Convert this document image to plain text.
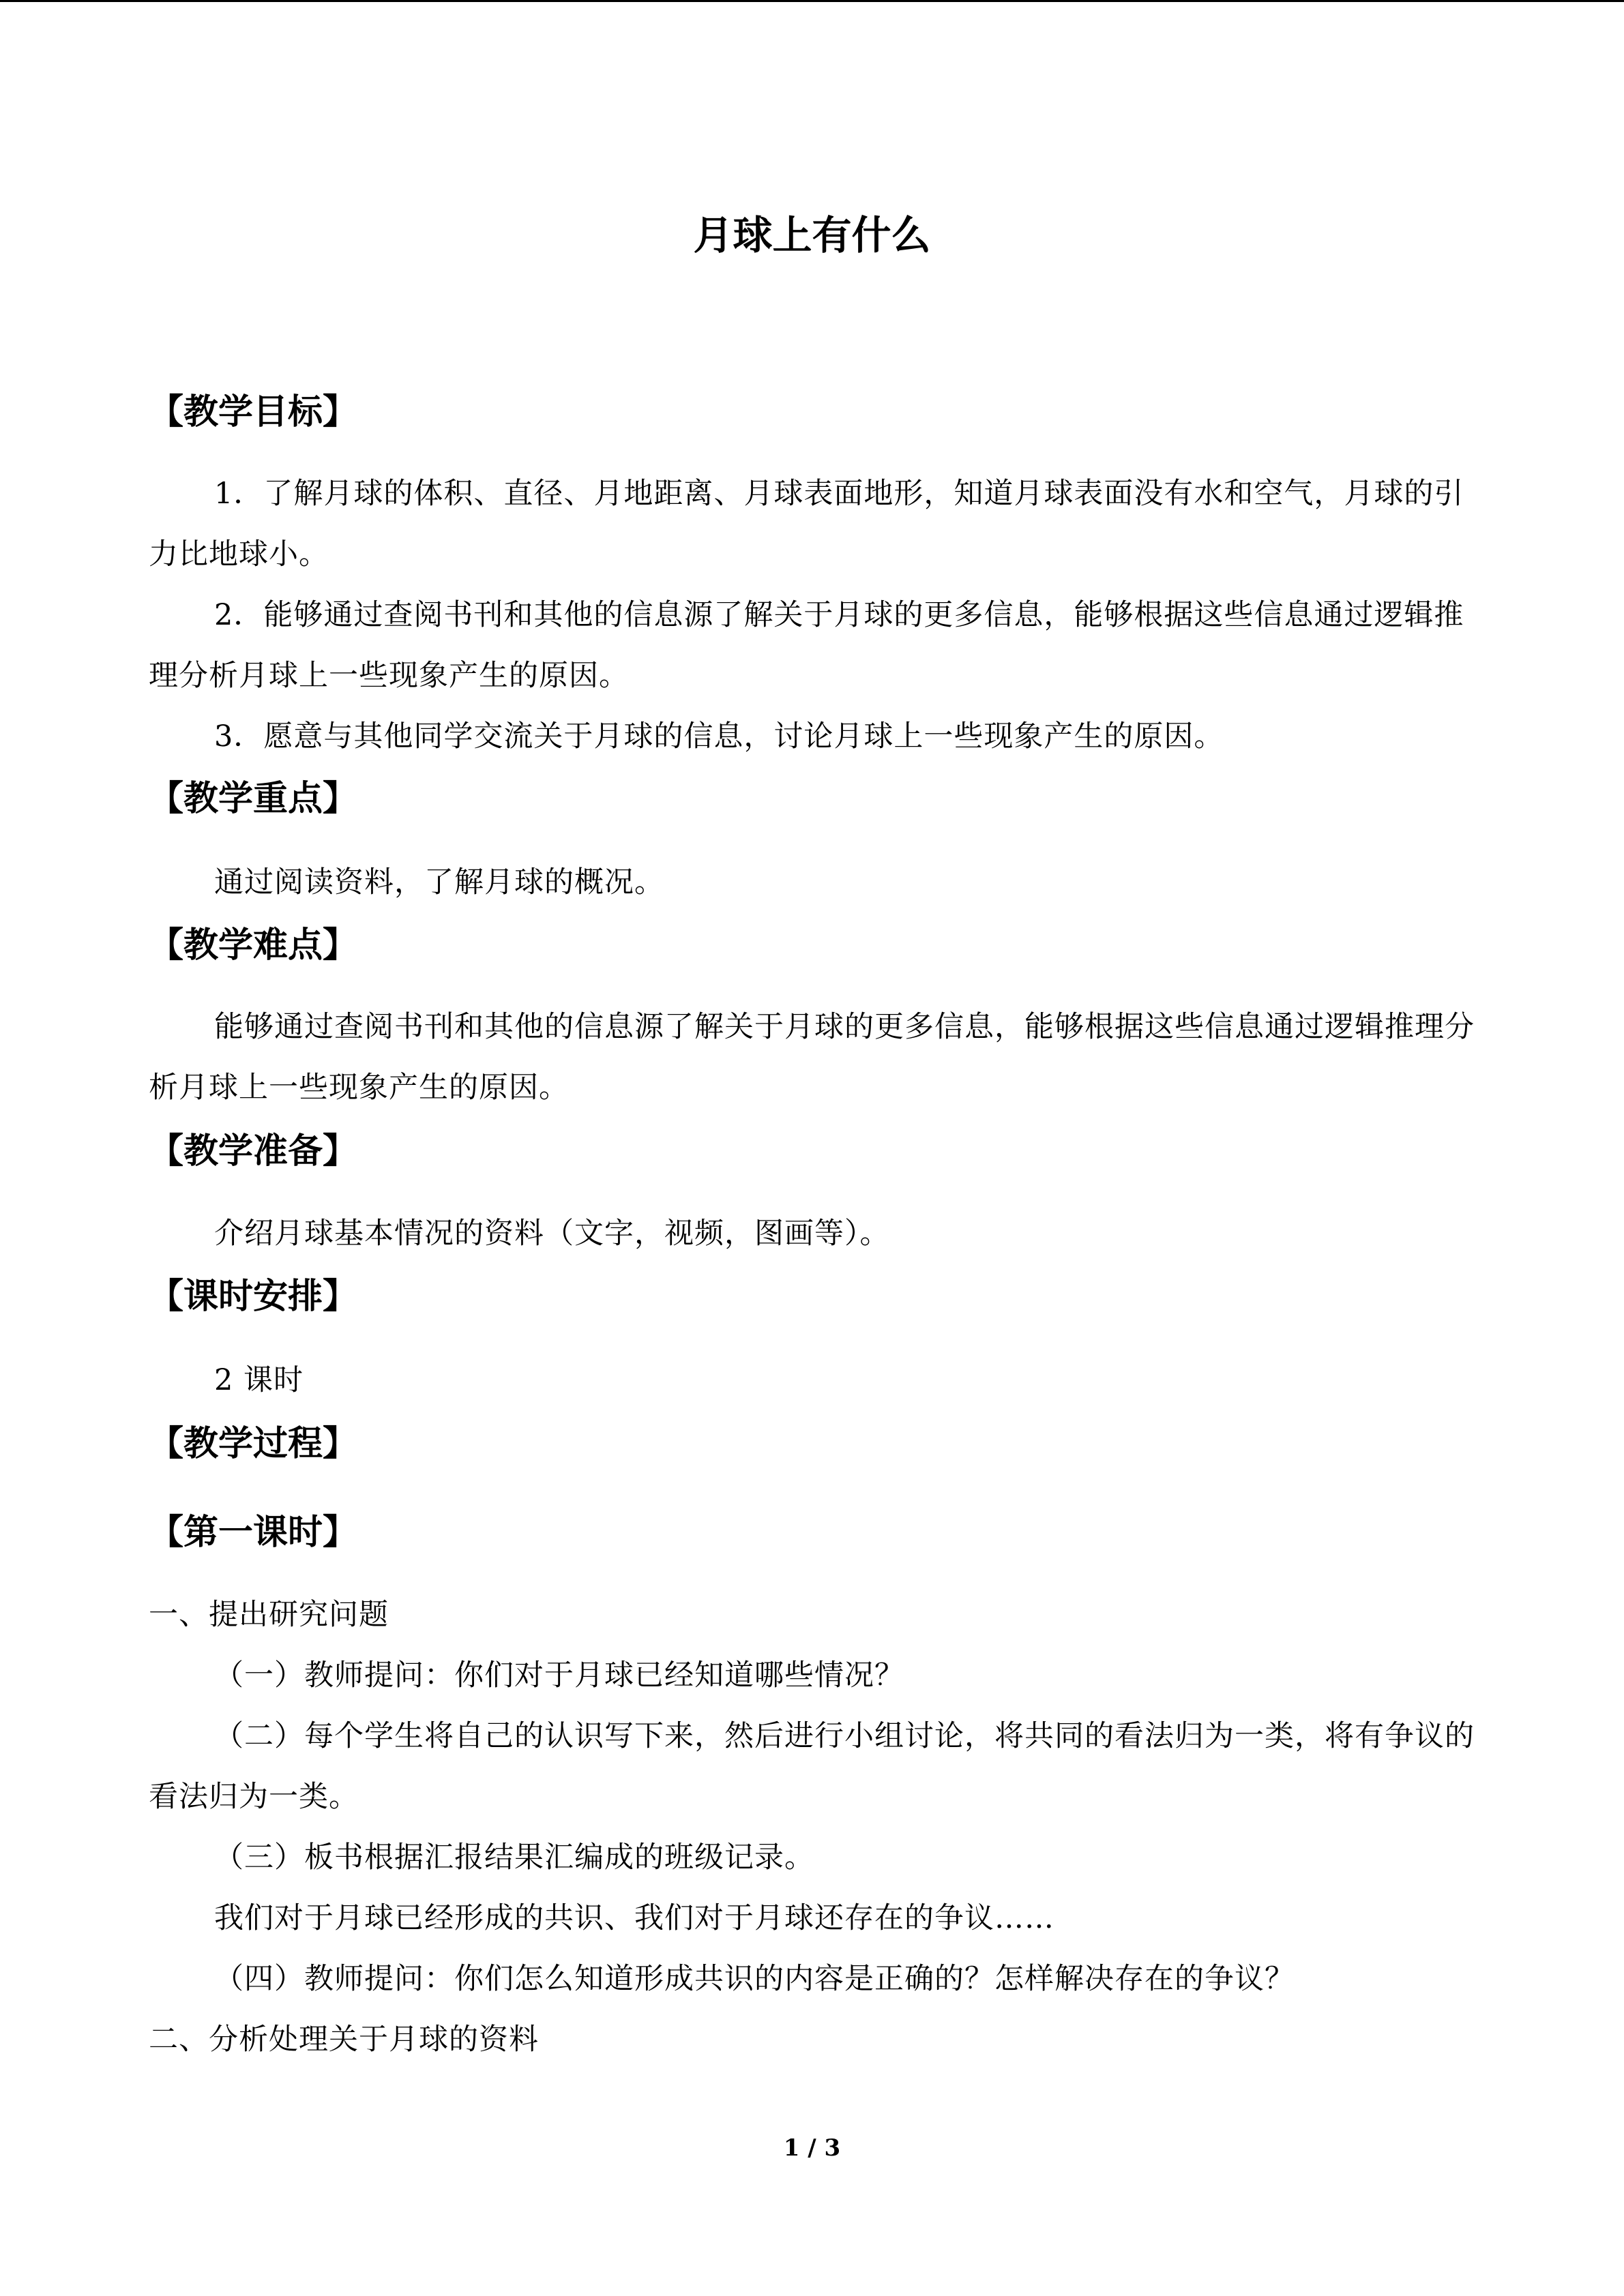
月球上有什么
【教学目标】

1．了解月球的体积、直径、月地距离、月球表面地形，知道月球表面没有水和空气，月球的引力比地球小。

2．能够通过查阅书刊和其他的信息源了解关于月球的更多信息，能够根据这些信息通过逻辑推理分析月球上一些现象产生的原因。

3．愿意与其他同学交流关于月球的信息，讨论月球上一些现象产生的原因。

【教学重点】

通过阅读资料，了解月球的概况。

【教学难点】

能够通过查阅书刊和其他的信息源了解关于月球的更多信息，能够根据这些信息通过逻辑推理分析月球上一些现象产生的原因。

【教学准备】

介绍月球基本情况的资料（文字，视频，图画等）。

【课时安排】

2 课时

【教学过程】
【第一课时】

一、提出研究问题

（一）教师提问：你们对于月球已经知道哪些情况？

（二）每个学生将自己的认识写下来，然后进行小组讨论，将共同的看法归为一类，将有争议的看法归为一类。

（三）板书根据汇报结果汇编成的班级记录。

我们对于月球已经形成的共识、我们对于月球还存在的争议……

（四）教师提问：你们怎么知道形成共识的内容是正确的？怎样解决存在的争议？

二、分析处理关于月球的资料

1 / 3
